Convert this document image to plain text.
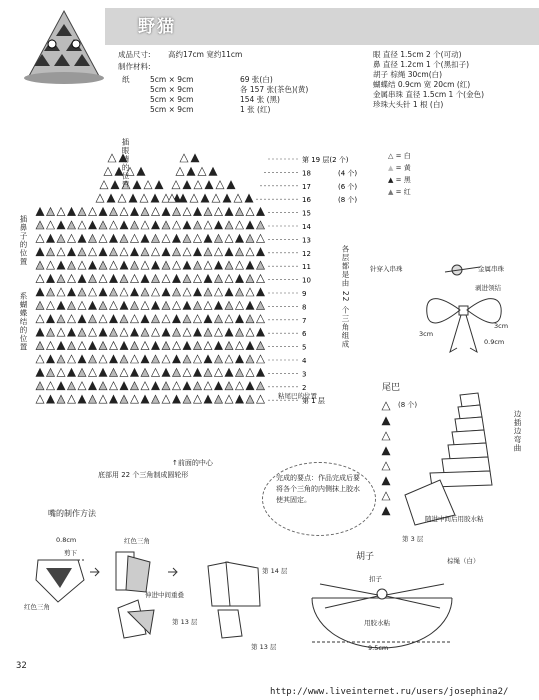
野猫
成品尺寸: 高约17cm 宽约11cm
制作材料:
纸	5cm × 9cm	69 张(白)
5cm × 9cm	各 157 张(茶色)(黄)
5cm × 9cm	154 张 (黑)
5cm × 9cm	1 张 (红)
眼 直径 1.5cm 2 个(可动)
鼻 直径 1.2cm 1 个(黑扣子)
胡子 棕绳 30cm(白)
蝴蝶结 0.9cm 宽 20cm (红)
金属串珠 直径 1.5cm 1 个(金色)
珍珠大头针 1 根 (白)
第 19 层(2 个)
18	(4 个)
17	(6 个)
16	(8 个)
15
14
13
12
11
10
9
8
7
6
5
4
3
2
第 1 层
插眼睛的位置
插鼻子的位置
系蝴蝶结的位置	各层都是由 22 个三角组成
粘尾巴的位置
↑前面的中心
底部用 22 个三角制成圆轮形
△ = 白
▲ = 黄
▲ = 黑
▲ = 红
针穿入串珠	金属串珠
剥进领结
3cm
3cm
0.9cm
尾巴
(8 个)
边插边弯曲
随进中间后用胶水粘
第 3 层
完成的要点：作品完成后要将各个三角的内侧抹上胶水使其固定。
嘴的制作方法
0.8cm
剪下
红色三角
红色三角
伸进中间重叠
第 14 层
第 13 层
第 13 层
胡子	棕绳（白）
扣子
用胶水粘
9.5cm
32
http://www.liveinternet.ru/users/josephina2/
